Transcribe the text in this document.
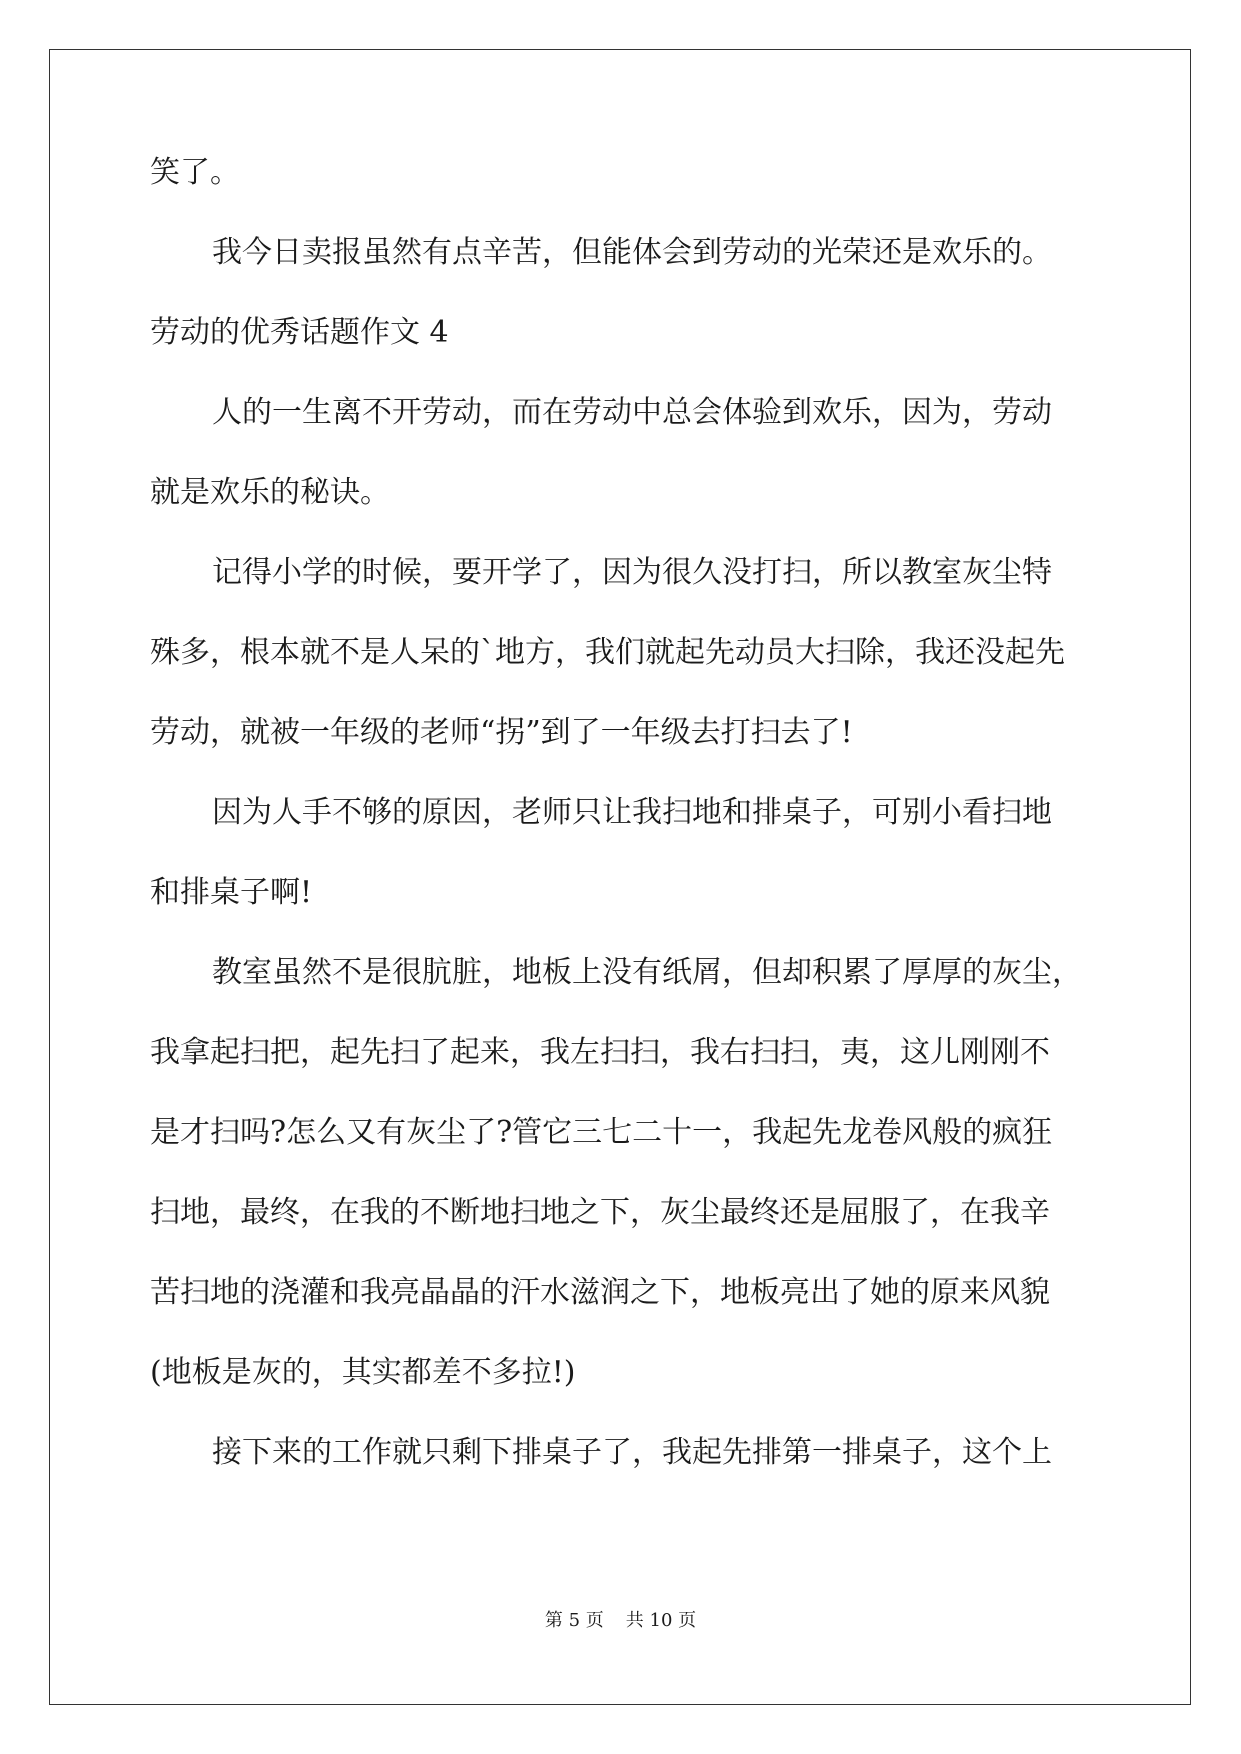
笑了。
我今日卖报虽然有点辛苦，但能体会到劳动的光荣还是欢乐的。
劳动的优秀话题作文 4
人的一生离不开劳动，而在劳动中总会体验到欢乐，因为，劳动
就是欢乐的秘诀。
记得小学的时候，要开学了，因为很久没打扫，所以教室灰尘特
殊多，根本就不是人呆的`地方，我们就起先动员大扫除，我还没起先
劳动，就被一年级的老师“拐”到了一年级去打扫去了!
因为人手不够的原因，老师只让我扫地和排桌子，可别小看扫地
和排桌子啊!
教室虽然不是很肮脏，地板上没有纸屑，但却积累了厚厚的灰尘，
我拿起扫把，起先扫了起来，我左扫扫，我右扫扫，夷，这儿刚刚不
是才扫吗?怎么又有灰尘了?管它三七二十一，我起先龙卷风般的疯狂
扫地，最终，在我的不断地扫地之下，灰尘最终还是屈服了，在我辛
苦扫地的浇灌和我亮晶晶的汗水滋润之下，地板亮出了她的原来风貌
(地板是灰的，其实都差不多拉!)
接下来的工作就只剩下排桌子了，我起先排第一排桌子，这个上
第 5 页 共 10 页
